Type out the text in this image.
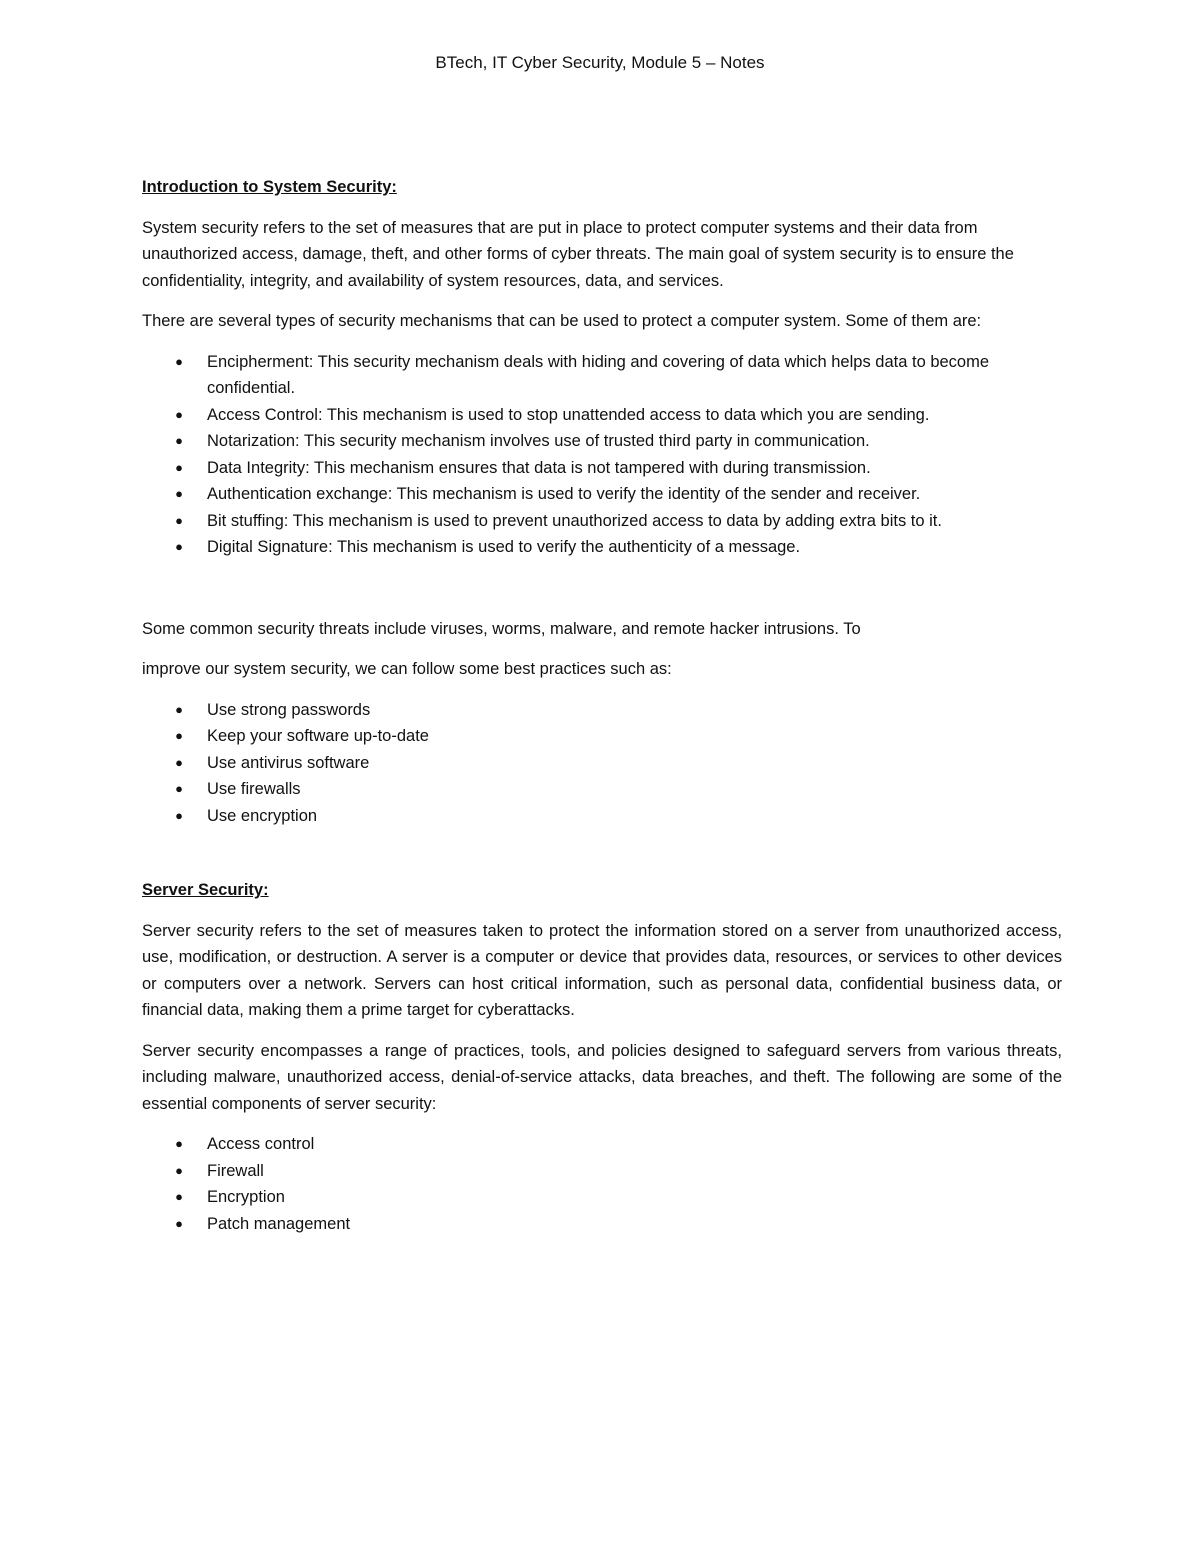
BTech, IT Cyber Security, Module 5 – Notes
Introduction to System Security:

System security refers to the set of measures that are put in place to protect computer systems and their data from unauthorized access, damage, theft, and other forms of cyber threats. The main goal of system security is to ensure the confidentiality, integrity, and availability of system resources, data, and services.

There are several types of security mechanisms that can be used to protect a computer system. Some of them are:

● Encipherment: This security mechanism deals with hiding and covering of data which helps data to become confidential.
● Access Control: This mechanism is used to stop unattended access to data which you are sending.
● Notarization: This security mechanism involves use of trusted third party in communication.
● Data Integrity: This mechanism ensures that data is not tampered with during transmission.
● Authentication exchange: This mechanism is used to verify the identity of the sender and receiver.
● Bit stuffing: This mechanism is used to prevent unauthorized access to data by adding extra bits to it.
● Digital Signature: This mechanism is used to verify the authenticity of a message.

Some common security threats include viruses, worms, malware, and remote hacker intrusions. To

improve our system security, we can follow some best practices such as:

● Use strong passwords
● Keep your software up-to-date
● Use antivirus software
● Use firewalls
● Use encryption
Server Security:

Server security refers to the set of measures taken to protect the information stored on a server from unauthorized access, use, modification, or destruction. A server is a computer or device that provides data, resources, or services to other devices or computers over a network. Servers can host critical information, such as personal data, confidential business data, or financial data, making them a prime target for cyberattacks.

Server security encompasses a range of practices, tools, and policies designed to safeguard servers from various threats, including malware, unauthorized access, denial-of-service attacks, data breaches, and theft. The following are some of the essential components of server security:

● Access control
● Firewall
● Encryption
● Patch management
